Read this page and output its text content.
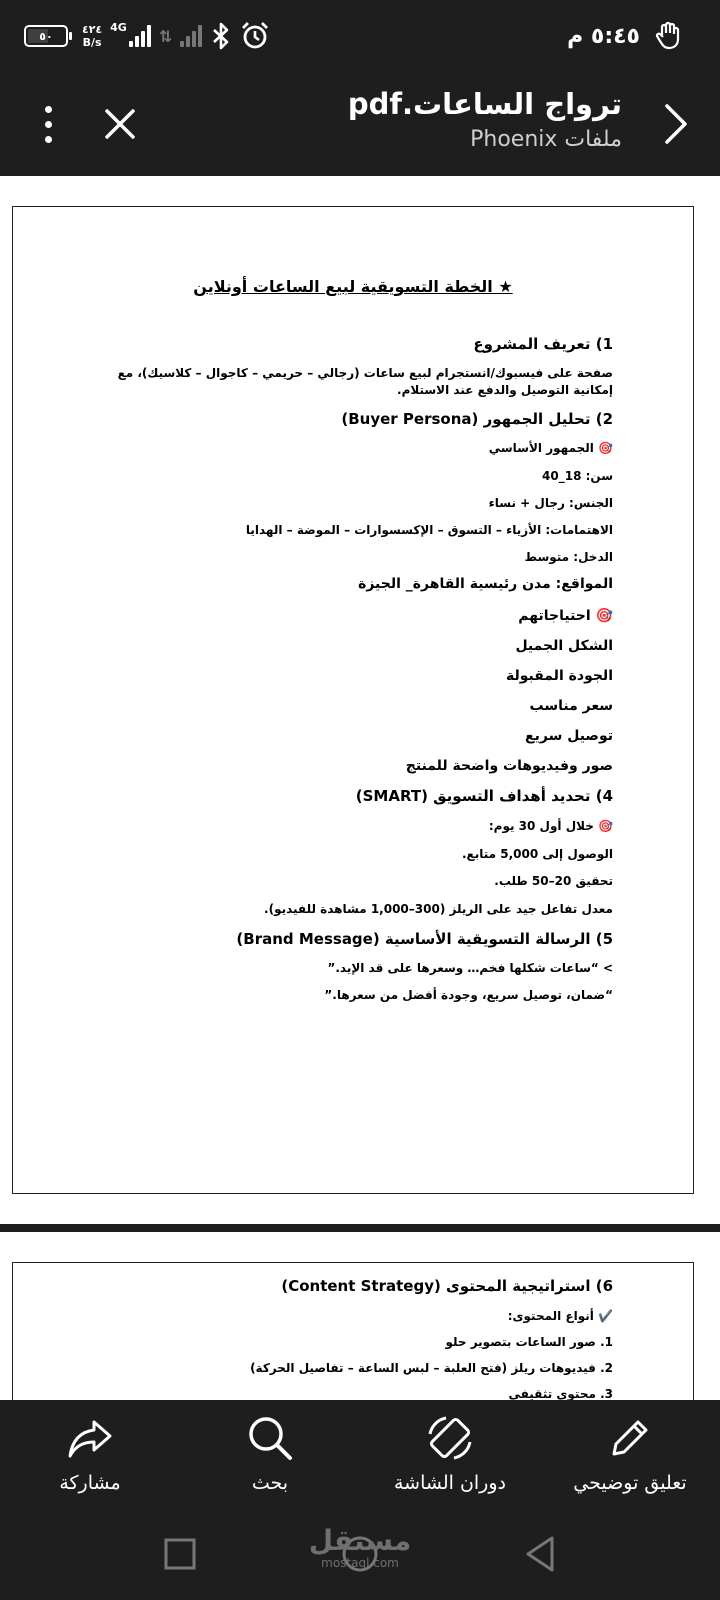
٥٠	٤٢٤
B/s
4G ⇅	٥:٤٥ م
ترواج الساعات.pdf
ملفات Phoenix
★ الخطة التسويقية لبيع الساعات أونلاين
1) تعريف المشروع
صفحة على فيسبوك/انستجرام لبيع ساعات (رجالي – حريمي – كاجوال – كلاسيك)، مع إمكانية التوصيل والدفع عند الاستلام.
2) تحليل الجمهور (Buyer Persona)
🎯 الجمهور الأساسي
سن: 18_40
الجنس: رجال + نساء
الاهتمامات: الأزياء – التسوق – الإكسسوارات – الموضة – الهدايا
الدخل: متوسط
المواقع: مدن رئيسية القاهرة_ الجيزة
🎯 احتياجاتهم
الشكل الجميل
الجودة المقبولة
سعر مناسب
توصيل سريع
صور وفيديوهات واضحة للمنتج
4) تحديد أهداف التسويق (SMART)
🎯 خلال أول 30 يوم:
الوصول إلى 5,000 متابع.
تحقيق 20–50 طلب.
معدل تفاعل جيد على الريلز (300–1,000 مشاهدة للفيديو).
5) الرسالة التسويقية الأساسية (Brand Message)
> “ساعات شكلها فخم… وسعرها على قد الإيد.”
“ضمان، توصيل سريع، وجودة أفضل من سعرها.”
6) استراتيجية المحتوى (Content Strategy)
✔️ أنواع المحتوى:
1. صور الساعات بتصوير حلو
2. فيديوهات ريلز (فتح العلبة – لبس الساعة – تفاصيل الحركة)
3. محتوى تثقيفي
مشاركة	بحث	دوران الشاشة	تعليق توضيحي
مستقل
mostaql.com
